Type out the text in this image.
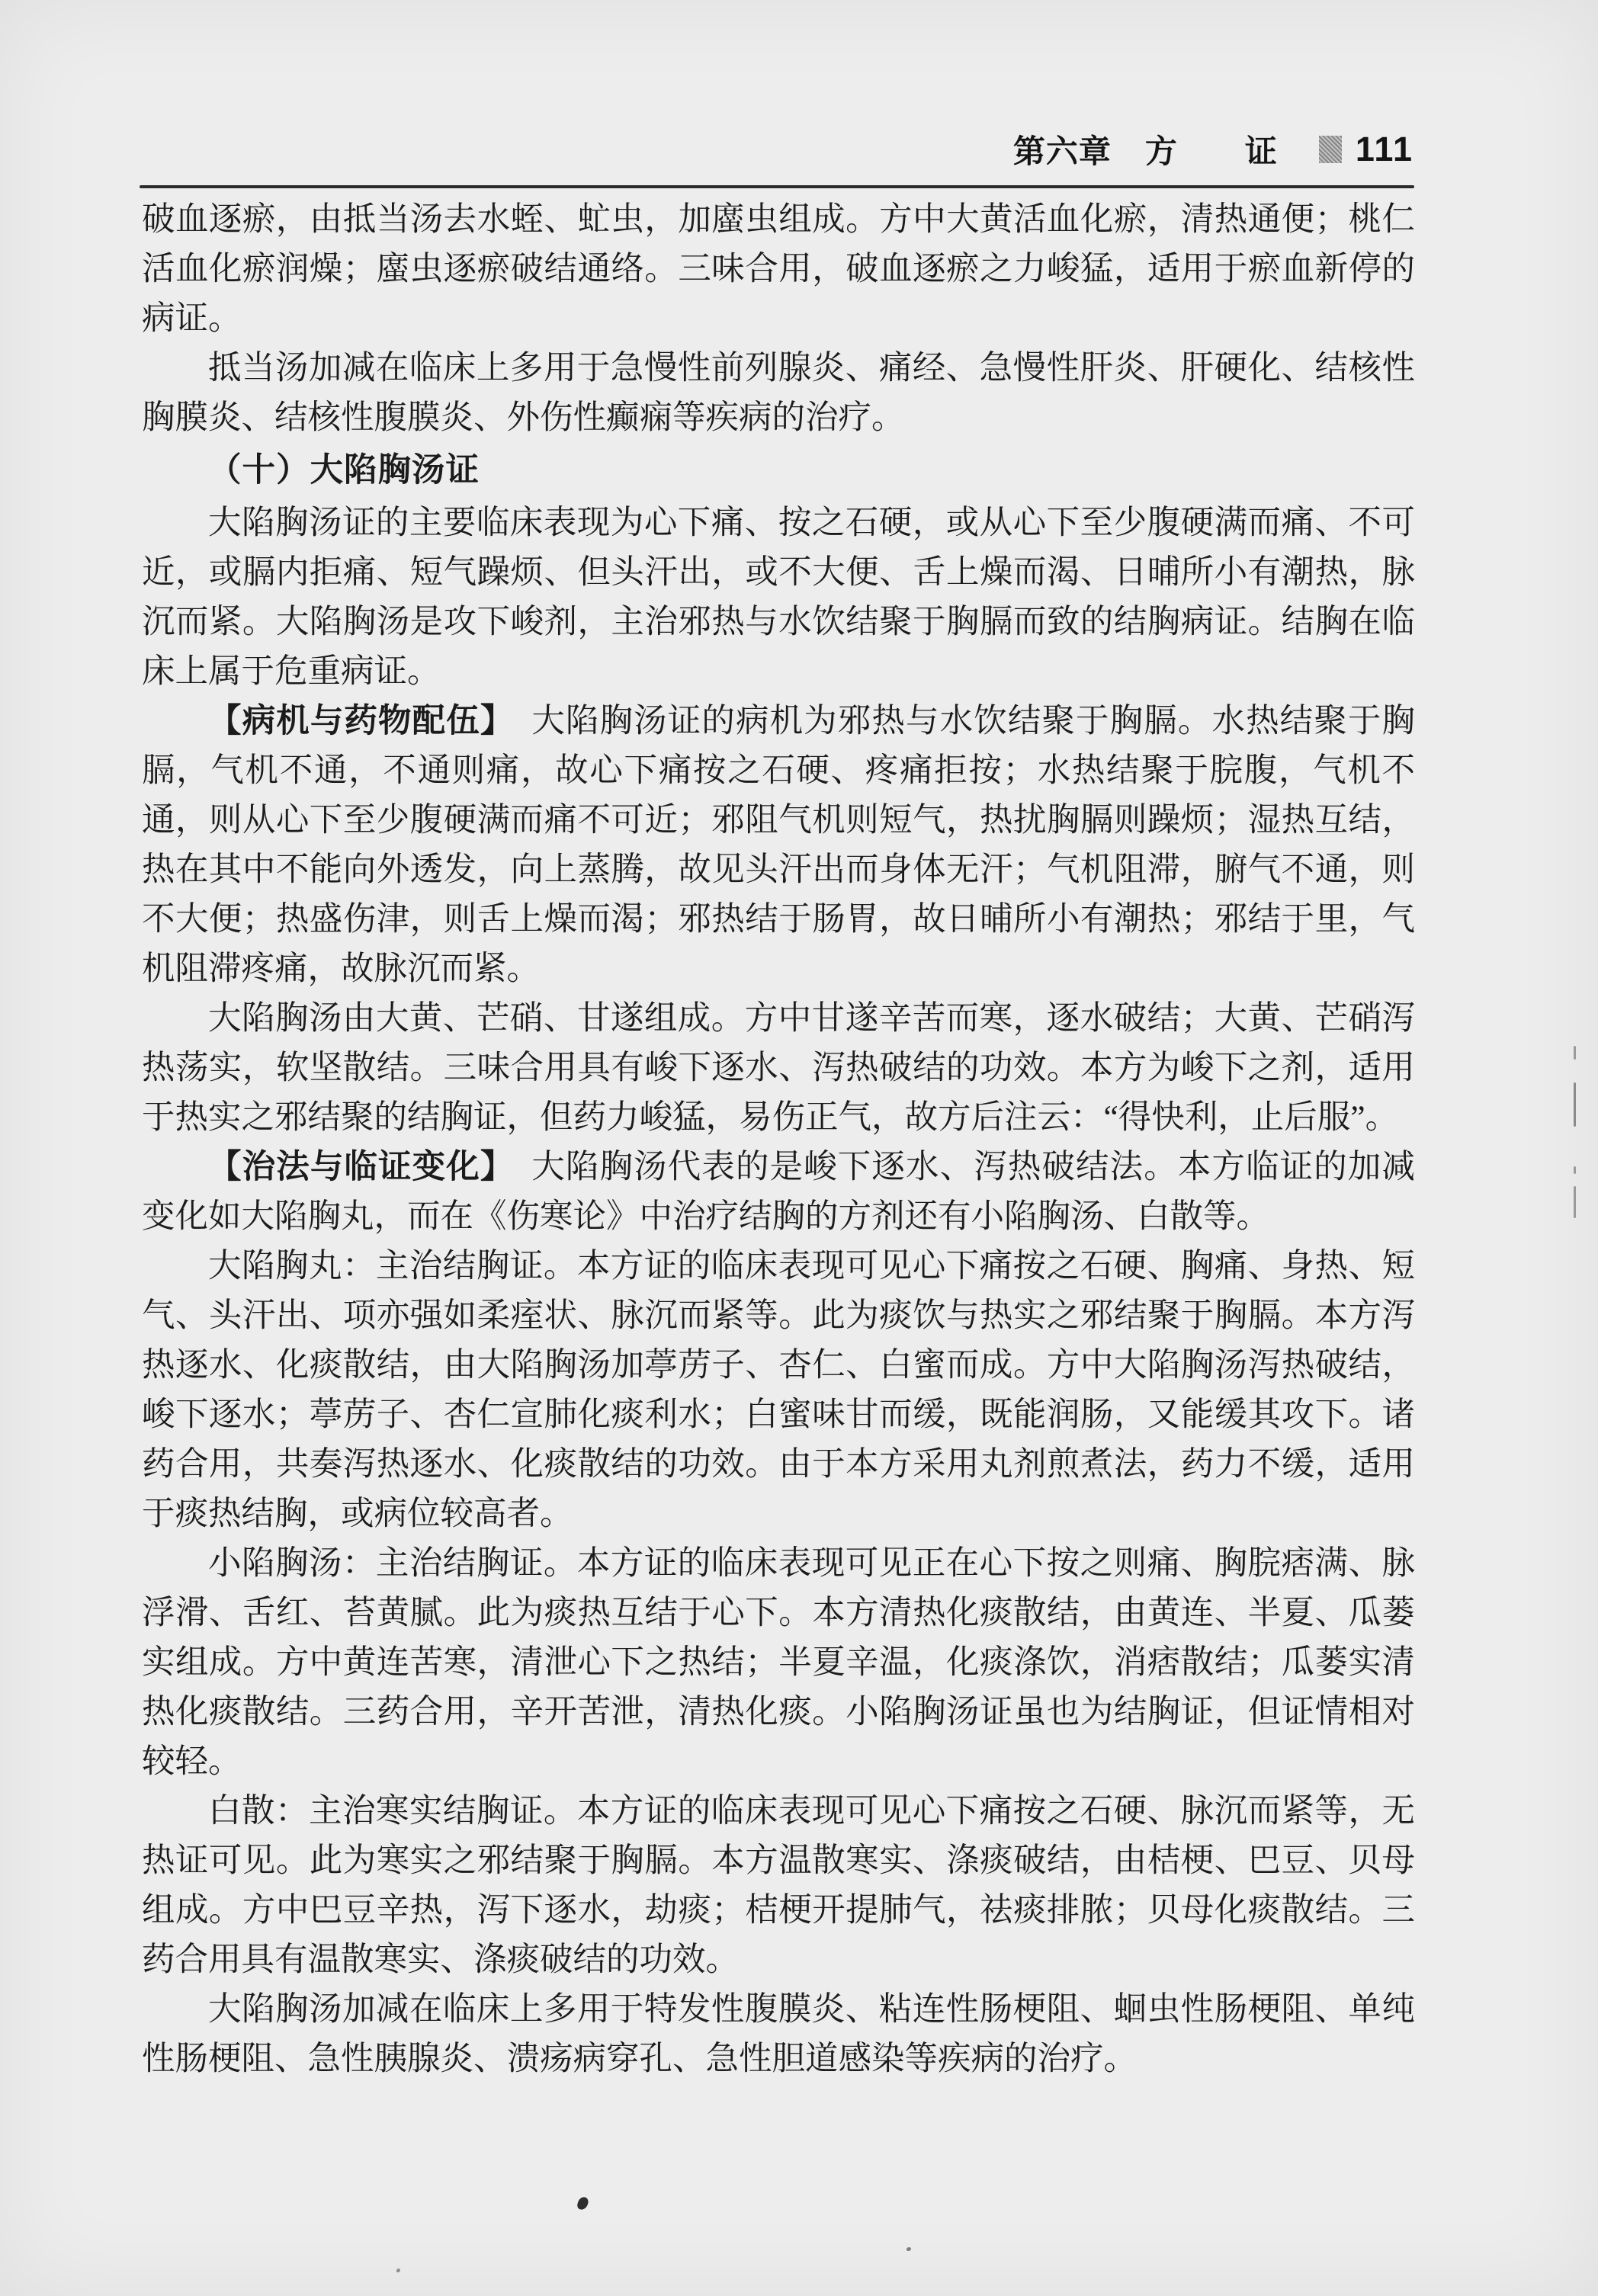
第六章 方 证 111

破血逐瘀，由抵当汤去水蛭、虻虫，加䗪虫组成。方中大黄活血化瘀，清热通便；桃仁活血化瘀润燥；䗪虫逐瘀破结通络。三味合用，破血逐瘀之力峻猛，适用于瘀血新停的病证。

抵当汤加减在临床上多用于急慢性前列腺炎、痛经、急慢性肝炎、肝硬化、结核性胸膜炎、结核性腹膜炎、外伤性癫痫等疾病的治疗。

（十）大陷胸汤证

大陷胸汤证的主要临床表现为心下痛、按之石硬，或从心下至少腹硬满而痛、不可近，或膈内拒痛、短气躁烦、但头汗出，或不大便、舌上燥而渴、日晡所小有潮热，脉沉而紧。大陷胸汤是攻下峻剂，主治邪热与水饮结聚于胸膈而致的结胸病证。结胸在临床上属于危重病证。

【病机与药物配伍】　大陷胸汤证的病机为邪热与水饮结聚于胸膈。水热结聚于胸膈，气机不通，不通则痛，故心下痛按之石硬、疼痛拒按；水热结聚于脘腹，气机不通，则从心下至少腹硬满而痛不可近；邪阻气机则短气，热扰胸膈则躁烦；湿热互结，热在其中不能向外透发，向上蒸腾，故见头汗出而身体无汗；气机阻滞，腑气不通，则不大便；热盛伤津，则舌上燥而渴；邪热结于肠胃，故日晡所小有潮热；邪结于里，气机阻滞疼痛，故脉沉而紧。

大陷胸汤由大黄、芒硝、甘遂组成。方中甘遂辛苦而寒，逐水破结；大黄、芒硝泻热荡实，软坚散结。三味合用具有峻下逐水、泻热破结的功效。本方为峻下之剂，适用于热实之邪结聚的结胸证，但药力峻猛，易伤正气，故方后注云：“得快利，止后服”。

【治法与临证变化】　大陷胸汤代表的是峻下逐水、泻热破结法。本方临证的加减变化如大陷胸丸，而在《伤寒论》中治疗结胸的方剂还有小陷胸汤、白散等。

大陷胸丸：主治结胸证。本方证的临床表现可见心下痛按之石硬、胸痛、身热、短气、头汗出、项亦强如柔痓状、脉沉而紧等。此为痰饮与热实之邪结聚于胸膈。本方泻热逐水、化痰散结，由大陷胸汤加葶苈子、杏仁、白蜜而成。方中大陷胸汤泻热破结，峻下逐水；葶苈子、杏仁宣肺化痰利水；白蜜味甘而缓，既能润肠，又能缓其攻下。诸药合用，共奏泻热逐水、化痰散结的功效。由于本方采用丸剂煎煮法，药力不缓，适用于痰热结胸，或病位较高者。

小陷胸汤：主治结胸证。本方证的临床表现可见正在心下按之则痛、胸脘痞满、脉浮滑、舌红、苔黄腻。此为痰热互结于心下。本方清热化痰散结，由黄连、半夏、瓜蒌实组成。方中黄连苦寒，清泄心下之热结；半夏辛温，化痰涤饮，消痞散结；瓜蒌实清热化痰散结。三药合用，辛开苦泄，清热化痰。小陷胸汤证虽也为结胸证，但证情相对较轻。

白散：主治寒实结胸证。本方证的临床表现可见心下痛按之石硬、脉沉而紧等，无热证可见。此为寒实之邪结聚于胸膈。本方温散寒实、涤痰破结，由桔梗、巴豆、贝母组成。方中巴豆辛热，泻下逐水，劫痰；桔梗开提肺气，祛痰排脓；贝母化痰散结。三药合用具有温散寒实、涤痰破结的功效。

大陷胸汤加减在临床上多用于特发性腹膜炎、粘连性肠梗阻、蛔虫性肠梗阻、单纯性肠梗阻、急性胰腺炎、溃疡病穿孔、急性胆道感染等疾病的治疗。
